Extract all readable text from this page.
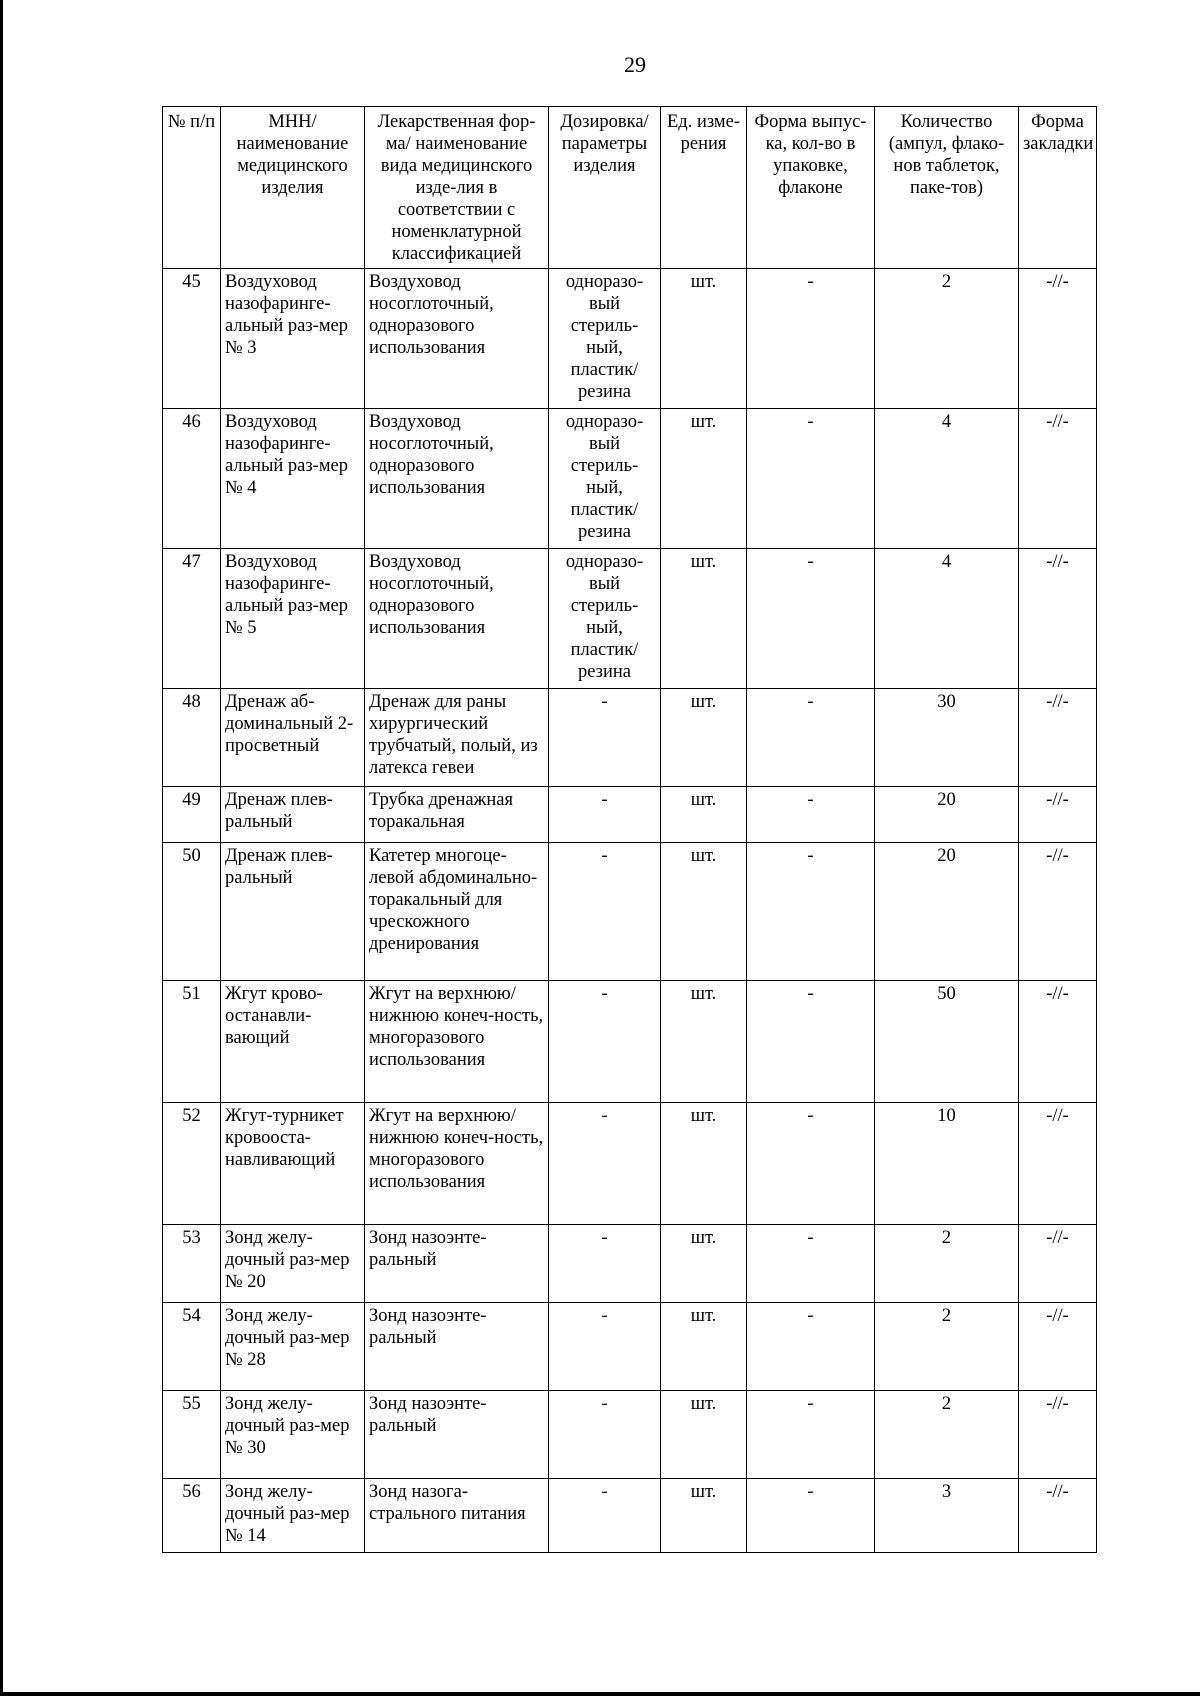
29
№ п/п	МНН/ наименование медицинского изделия	Лекарственная фор-ма/ наименование вида медицинского изде-лия в соответствии с номенклатурной классификацией	Дозировка/ параметры изделия	Ед. изме-рения	Форма выпус-ка, кол-во в упаковке, флаконе	Количество (ампул, флако-нов таблеток, паке-тов)	Форма закладки
45	Воздуховод назофаринге-альный раз-мер № 3	Воздуховод носоглоточный, одноразового использования	одноразо-вый стериль-ный, пластик/ резина	шт.	-	2	-//-
46	Воздуховод назофаринге-альный раз-мер № 4	Воздуховод носоглоточный, одноразового использования	одноразо-вый стериль-ный, пластик/ резина	шт.	-	4	-//-
47	Воздуховод назофаринге-альный раз-мер № 5	Воздуховод носоглоточный, одноразового использования	одноразо-вый стериль-ный, пластик/ резина	шт.	-	4	-//-
48	Дренаж аб-доминальный 2-просветный	Дренаж для раны хирургический трубчатый, полый, из латекса гевеи	-	шт.	-	30	-//-
49	Дренаж плев-ральный	Трубка дренажная торакальная	-	шт.	-	20	-//-
50	Дренаж плев-ральный	Катетер многоце-левой абдоминально-торакальный для чрескожного дренирования	-	шт.	-	20	-//-
51	Жгут крово-останавли-вающий	Жгут на верхнюю/ нижнюю конеч-ность, многоразового использования	-	шт.	-	50	-//-
52	Жгут-турникет кровооста-навливающий	Жгут на верхнюю/ нижнюю конеч-ность, многоразового использования	-	шт.	-	10	-//-
53	Зонд желу-дочный раз-мер № 20	Зонд назоэнте-ральный	-	шт.	-	2	-//-
54	Зонд желу-дочный раз-мер № 28	Зонд назоэнте-ральный	-	шт.	-	2	-//-
55	Зонд желу-дочный раз-мер № 30	Зонд назоэнте-ральный	-	шт.	-	2	-//-
56	Зонд желу-дочный раз-мер № 14	Зонд назога-стрального питания	-	шт.	-	3	-//-
